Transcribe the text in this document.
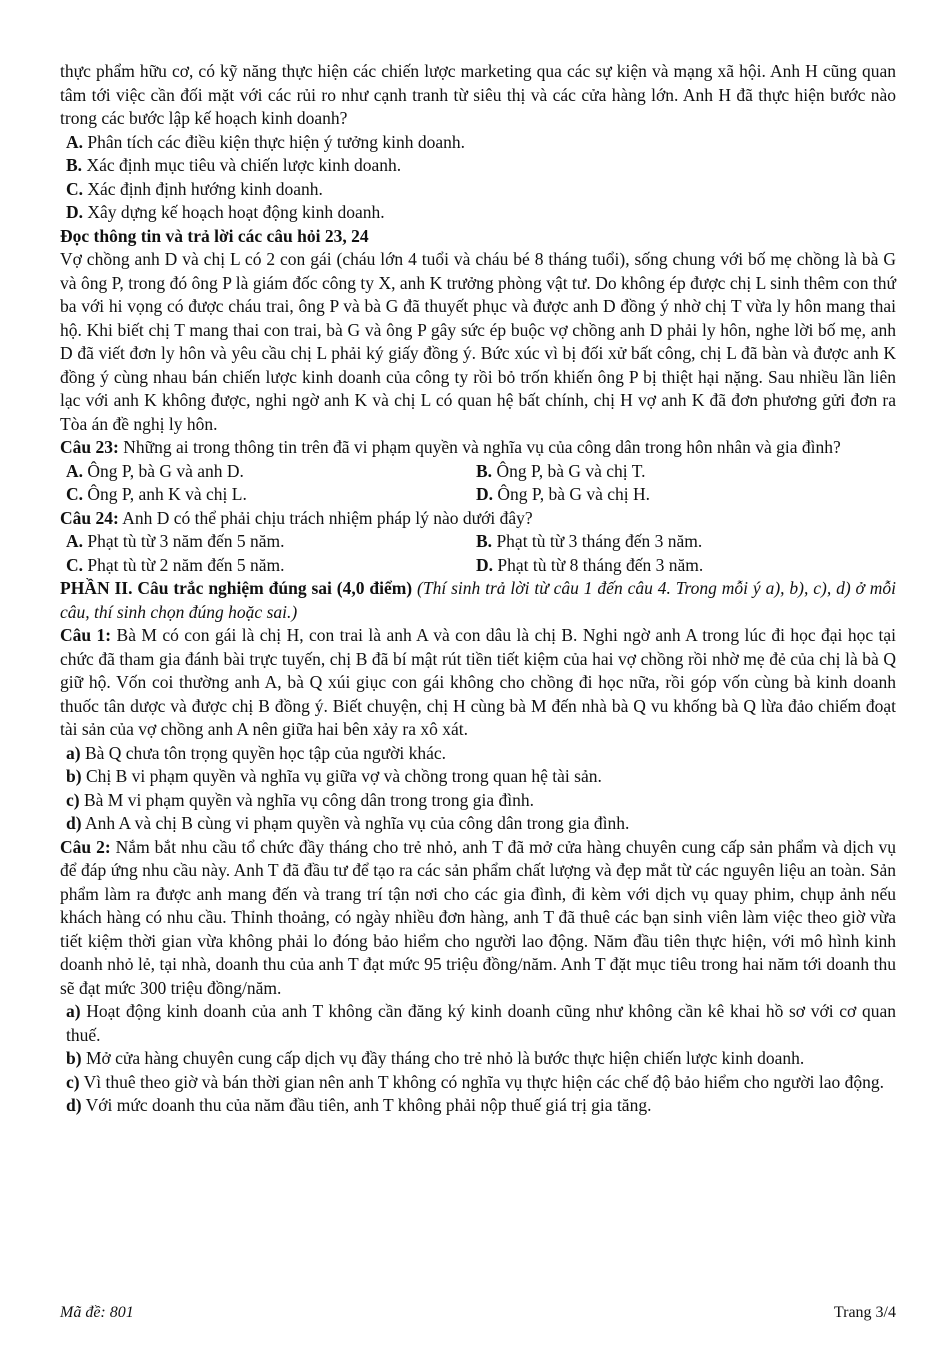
thực phẩm hữu cơ, có kỹ năng thực hiện các chiến lược marketing qua các sự kiện và mạng xã hội. Anh H cũng quan tâm tới việc cần đối mặt với các rủi ro như cạnh tranh từ siêu thị và các cửa hàng lớn. Anh H đã thực hiện bước nào trong các bước lập kế hoạch kinh doanh?

A. Phân tích các điều kiện thực hiện ý tưởng kinh doanh.

B. Xác định mục tiêu và chiến lược kinh doanh.

C. Xác định định hướng kinh doanh.

D. Xây dựng kế hoạch hoạt động kinh doanh.

Đọc thông tin và trả lời các câu hỏi 23, 24

Vợ chồng anh D và chị L có 2 con gái (cháu lớn 4 tuổi và cháu bé 8 tháng tuổi), sống chung với bố mẹ chồng là bà G và ông P, trong đó ông P là giám đốc công ty X, anh K trưởng phòng vật tư. Do không ép được chị L sinh thêm con thứ ba với hi vọng có được cháu trai, ông P và bà G đã thuyết phục và được anh D đồng ý nhờ chị T vừa ly hôn mang thai hộ. Khi biết chị T mang thai con trai, bà G và ông P gây sức ép buộc vợ chồng anh D phải ly hôn, nghe lời bố mẹ, anh D đã viết đơn ly hôn và yêu cầu chị L phải ký giấy đồng ý. Bức xúc vì bị đối xử bất công, chị L đã bàn và được anh K đồng ý cùng nhau bán chiến lược kinh doanh của công ty rồi bỏ trốn khiến ông P bị thiệt hại nặng. Sau nhiều lần liên lạc với anh K không được, nghi ngờ anh K và chị L có quan hệ bất chính, chị H vợ anh K đã đơn phương gửi đơn ra Tòa án đề nghị ly hôn.

Câu 23: Những ai trong thông tin trên đã vi phạm quyền và nghĩa vụ của công dân trong hôn nhân và gia đình?

A. Ông P, bà G và anh D.	B. Ông P, bà G và chị T.
C. Ông P, anh K và chị L.	D. Ông P, bà G và chị H.

Câu 24: Anh D có thể phải chịu trách nhiệm pháp lý nào dưới đây?

A. Phạt tù từ 3 năm đến 5 năm.	B. Phạt tù từ 3 tháng đến 3 năm.
C. Phạt tù từ 2 năm đến 5 năm.	D. Phạt tù từ 8 tháng đến 3 năm.

PHẦN II. Câu trắc nghiệm đúng sai (4,0 điểm) (Thí sinh trả lời từ câu 1 đến câu 4. Trong mỗi ý a), b), c), d) ở mỗi câu, thí sinh chọn đúng hoặc sai.)

Câu 1: Bà M có con gái là chị H, con trai là anh A và con dâu là chị B. Nghi ngờ anh A trong lúc đi học đại học tại chức đã tham gia đánh bài trực tuyến, chị B đã bí mật rút tiền tiết kiệm của hai vợ chồng rồi nhờ mẹ đẻ của chị là bà Q giữ hộ. Vốn coi thường anh A, bà Q xúi giục con gái không cho chồng đi học nữa, rồi góp vốn cùng bà kinh doanh thuốc tân dược và được chị B đồng ý. Biết chuyện, chị H cùng bà M đến nhà bà Q vu khống bà Q lừa đảo chiếm đoạt tài sản của vợ chồng anh A nên giữa hai bên xảy ra xô xát.

a) Bà Q chưa tôn trọng quyền học tập của người khác.

b) Chị B vi phạm quyền và nghĩa vụ giữa vợ và chồng trong quan hệ tài sản.

c) Bà M vi phạm quyền và nghĩa vụ công dân trong trong gia đình.

d) Anh A và chị B cùng vi phạm quyền và nghĩa vụ của công dân trong gia đình.

Câu 2: Nắm bắt nhu cầu tổ chức đầy tháng cho trẻ nhỏ, anh T đã mở cửa hàng chuyên cung cấp sản phẩm và dịch vụ để đáp ứng nhu cầu này. Anh T đã đầu tư để tạo ra các sản phẩm chất lượng và đẹp mắt từ các nguyên liệu an toàn. Sản phẩm làm ra được anh mang đến và trang trí tận nơi cho các gia đình, đi kèm với dịch vụ quay phim, chụp ảnh nếu khách hàng có nhu cầu. Thỉnh thoảng, có ngày nhiều đơn hàng, anh T đã thuê các bạn sinh viên làm việc theo giờ vừa tiết kiệm thời gian vừa không phải lo đóng bảo hiểm cho người lao động. Năm đầu tiên thực hiện, với mô hình kinh doanh nhỏ lẻ, tại nhà, doanh thu của anh T đạt mức 95 triệu đồng/năm. Anh T đặt mục tiêu trong hai năm tới doanh thu sẽ đạt mức 300 triệu đồng/năm.

a) Hoạt động kinh doanh của anh T không cần đăng ký kinh doanh cũng như không cần kê khai hồ sơ với cơ quan thuế.

b) Mở cửa hàng chuyên cung cấp dịch vụ đầy tháng cho trẻ nhỏ là bước thực hiện chiến lược kinh doanh.

c) Vì thuê theo giờ và bán thời gian nên anh T không có nghĩa vụ thực hiện các chế độ bảo hiểm cho người lao động.

d) Với mức doanh thu của năm đầu tiên, anh T không phải nộp thuế giá trị gia tăng.

Mã đề: 801	Trang 3/4
